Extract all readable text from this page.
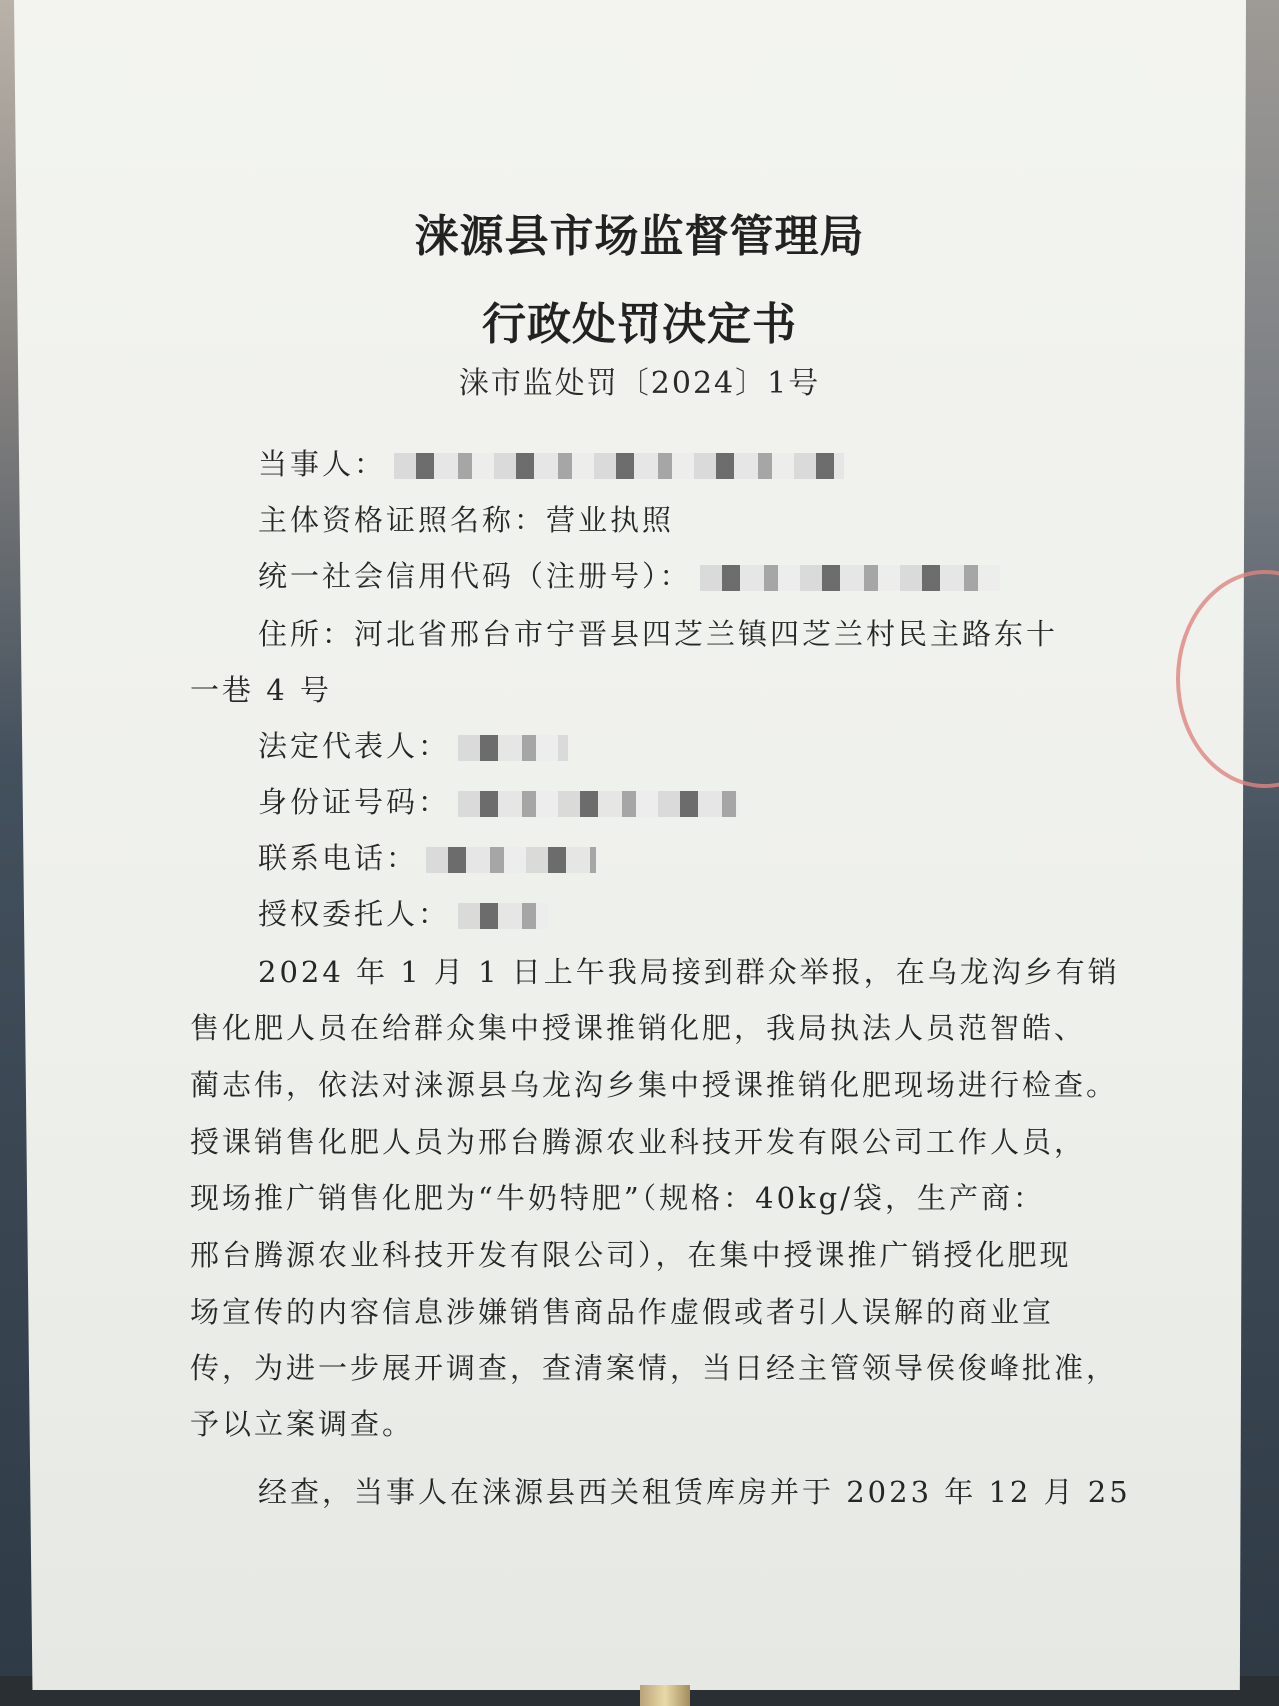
涞源县市场监督管理局
行政处罚决定书
涞市监处罚〔2024〕1号
当事人：
主体资格证照名称：营业执照
统一社会信用代码（注册号）：
住所：河北省邢台市宁晋县四芝兰镇四芝兰村民主路东十
一巷 4 号
法定代表人：
身份证号码：
联系电话：
授权委托人：
2024 年 1 月 1 日上午我局接到群众举报，在乌龙沟乡有销
售化肥人员在给群众集中授课推销化肥，我局执法人员范智皓、
蔺志伟，依法对涞源县乌龙沟乡集中授课推销化肥现场进行检查。
授课销售化肥人员为邢台腾源农业科技开发有限公司工作人员，
现场推广销售化肥为“牛奶特肥”（规格：40kg/袋，生产商：
邢台腾源农业科技开发有限公司），在集中授课推广销授化肥现
场宣传的内容信息涉嫌销售商品作虚假或者引人误解的商业宣
传，为进一步展开调查，查清案情，当日经主管领导侯俊峰批准，
予以立案调查。
经查，当事人在涞源县西关租赁库房并于 2023 年 12 月 25
